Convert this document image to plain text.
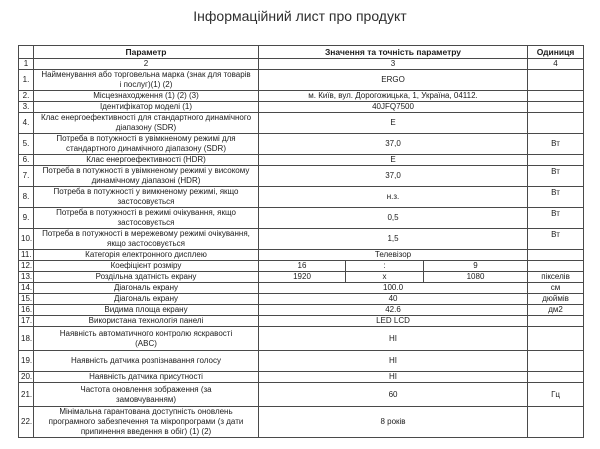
Інформаційний лист про продукт
	Параметр	Значення та точність параметру			Одиниця
1	2	3			4
1.	Найменування або торговельна марка (знак для товарів і послуг)(1) (2)	ERGO			
2.	Місцезнаходження (1) (2) (3)	м. Київ, вул. Дорогожицька, 1, Україна, 04112.			
3.	Ідентифікатор моделі (1)	40JFQ7500			
4.	Клас енергоефективності для стандартного динамічного діапазону (SDR)	E			
5.	Потреба в потужності в увімкненому режимі для стандартного динамічного діапазону (SDR)	37,0			Вт
6.	Клас енергоефективності (HDR)	E			
7.	Потреба в потужності в увімкненому режимі у високому динамічному діапазоні (HDR)	37,0			Вт
8.	Потреба в потужності у вимкненому режимі, якщо застосовується	н.з.			Вт
9.	Потреба в потужності в режимі очікування, якщо застосовується	0,5			Вт
10.	Потреба в потужності в мережевому режимі очікування, якщо застосовується	1,5			Вт
11.	Категорія електронного дисплею	Телевізор			
12.	Коефіцієнт розміру	16	:	9	
13.	Роздільна здатність екрану	1920	x	1080	пікселів
14.	Діагональ екрану	100.0			см
15.	Діагональ екрану	40			дюймів
16.	Видима площа екрану	42.6			дм2
17.	Використана технологія панелі	LED LCD			
18.	Наявність автоматичного контролю яскравості (ABC)	НІ			
19.	Наявність датчика розпізнавання голосу	НІ			
20.	Наявність датчика присутності	НІ			
21.	Частота оновлення зображення (за замовчуванням)	60			Гц
22.	Мінімальна гарантована доступність оновлень програмного забезпечення та мікропрограми (з дати припинення введення в обіг) (1) (2)	8 років			
